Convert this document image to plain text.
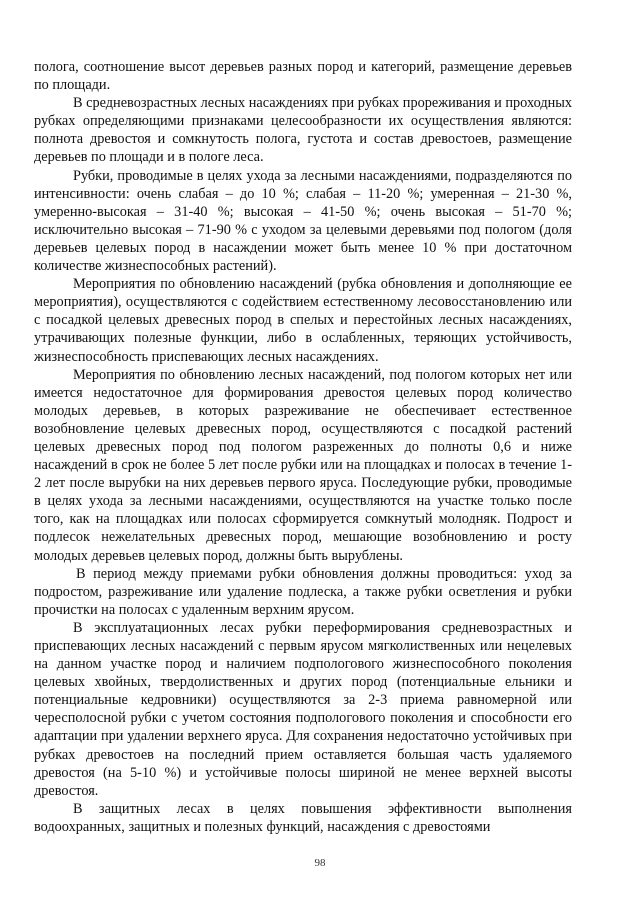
полога, соотношение высот деревьев разных пород и категорий, размещение деревьев по площади.

В средневозрастных лесных насаждениях при рубках прореживания и проходных рубках определяющими признаками целесообразности их осуществления являются: полнота древостоя и сомкнутость полога, густота и состав древостоев, размещение деревьев по площади и в пологе леса.

Рубки, проводимые в целях ухода за лесными насаждениями, подразделяются по интенсивности: очень слабая – до 10 %; слабая – 11-20 %; умеренная – 21-30 %, умеренно-высокая – 31-40 %; высокая – 41-50 %; очень высокая – 51-70 %; исключительно высокая – 71-90 % с уходом за целевыми деревьями под пологом (доля деревьев целевых пород в насаждении может быть менее 10 % при достаточном количестве жизнеспособных растений).

Мероприятия по обновлению насаждений (рубка обновления и дополняющие ее мероприятия), осуществляются с содействием естественному лесовосстановлению или с посадкой целевых древесных пород в спелых и перестойных лесных насаждениях, утрачивающих полезные функции, либо в ослабленных, теряющих устойчивость, жизнеспособность приспевающих лесных насаждениях.

Мероприятия по обновлению лесных насаждений, под пологом которых нет или имеется недостаточное для формирования древостоя целевых пород количество молодых деревьев, в которых разреживание не обеспечивает естественное возобновление целевых древесных пород, осуществляются с посадкой растений целевых древесных пород под пологом разреженных до полноты 0,6 и ниже насаждений в срок не более 5 лет после рубки или на площадках и полосах в течение 1-2 лет после вырубки на них деревьев первого яруса. Последующие рубки, проводимые в целях ухода за лесными насаждениями, осуществляются на участке только после того, как на площадках или полосах сформируется сомкнутый молодняк. Подрост и подлесок нежелательных древесных пород, мешающие возобновлению и росту молодых деревьев целевых пород, должны быть вырублены.

В период между приемами рубки обновления должны проводиться: уход за подростом, разреживание или удаление подлеска, а также рубки осветления и рубки прочистки на полосах с удаленным верхним ярусом.

В эксплуатационных лесах рубки переформирования средневозрастных и приспевающих лесных насаждений с первым ярусом мягколиственных или нецелевых на данном участке пород и наличием подпологового жизнеспособного поколения целевых хвойных, твердолиственных и других пород (потенциальные ельники и потенциальные кедровники) осуществляются за 2-3 приема равномерной или чересполосной рубки с учетом состояния подпологового поколения и способности его адаптации при удалении верхнего яруса. Для сохранения недостаточно устойчивых при рубках древостоев на последний прием оставляется большая часть удаляемого древостоя (на 5-10 %) и устойчивые полосы шириной не менее верхней высоты древостоя.

В защитных лесах в целях повышения эффективности выполнения водоохранных, защитных и полезных функций, насаждения с древостоями

98
